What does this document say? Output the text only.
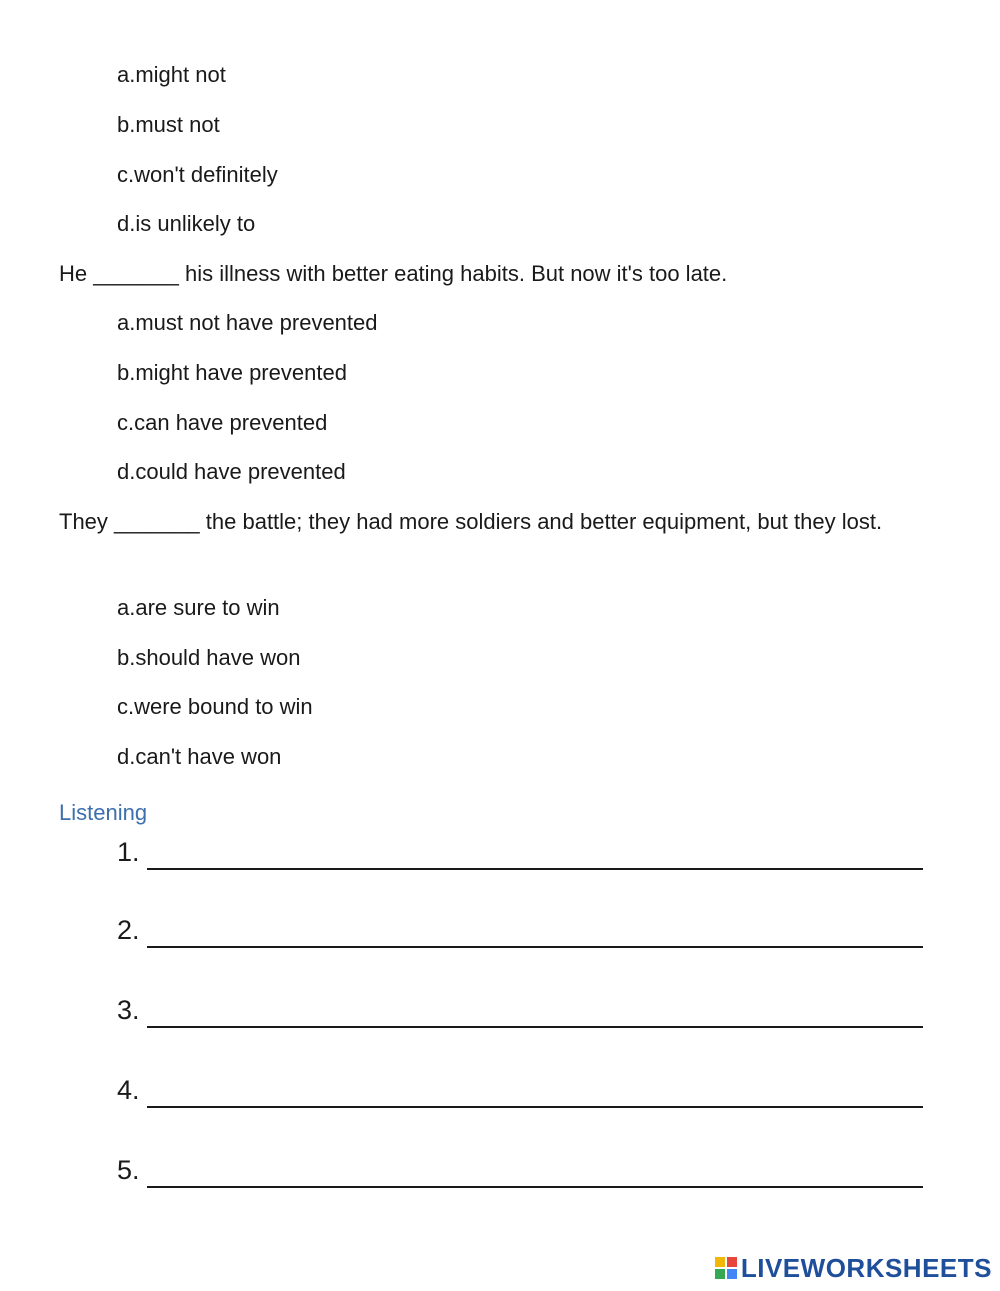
a.might not
b.must not
c.won't definitely
d.is unlikely to
He _______ his illness with better eating habits. But now it's too late.
a.must not have prevented
b.might have prevented
c.can have prevented
d.could have prevented
They _______ the battle; they had more soldiers and better equipment, but they lost.
a.are sure to win
b.should have won
c.were bound to win
d.can't have won
Listening
1.
2.
3.
4.
5.
LIVEWORKSHEETS
